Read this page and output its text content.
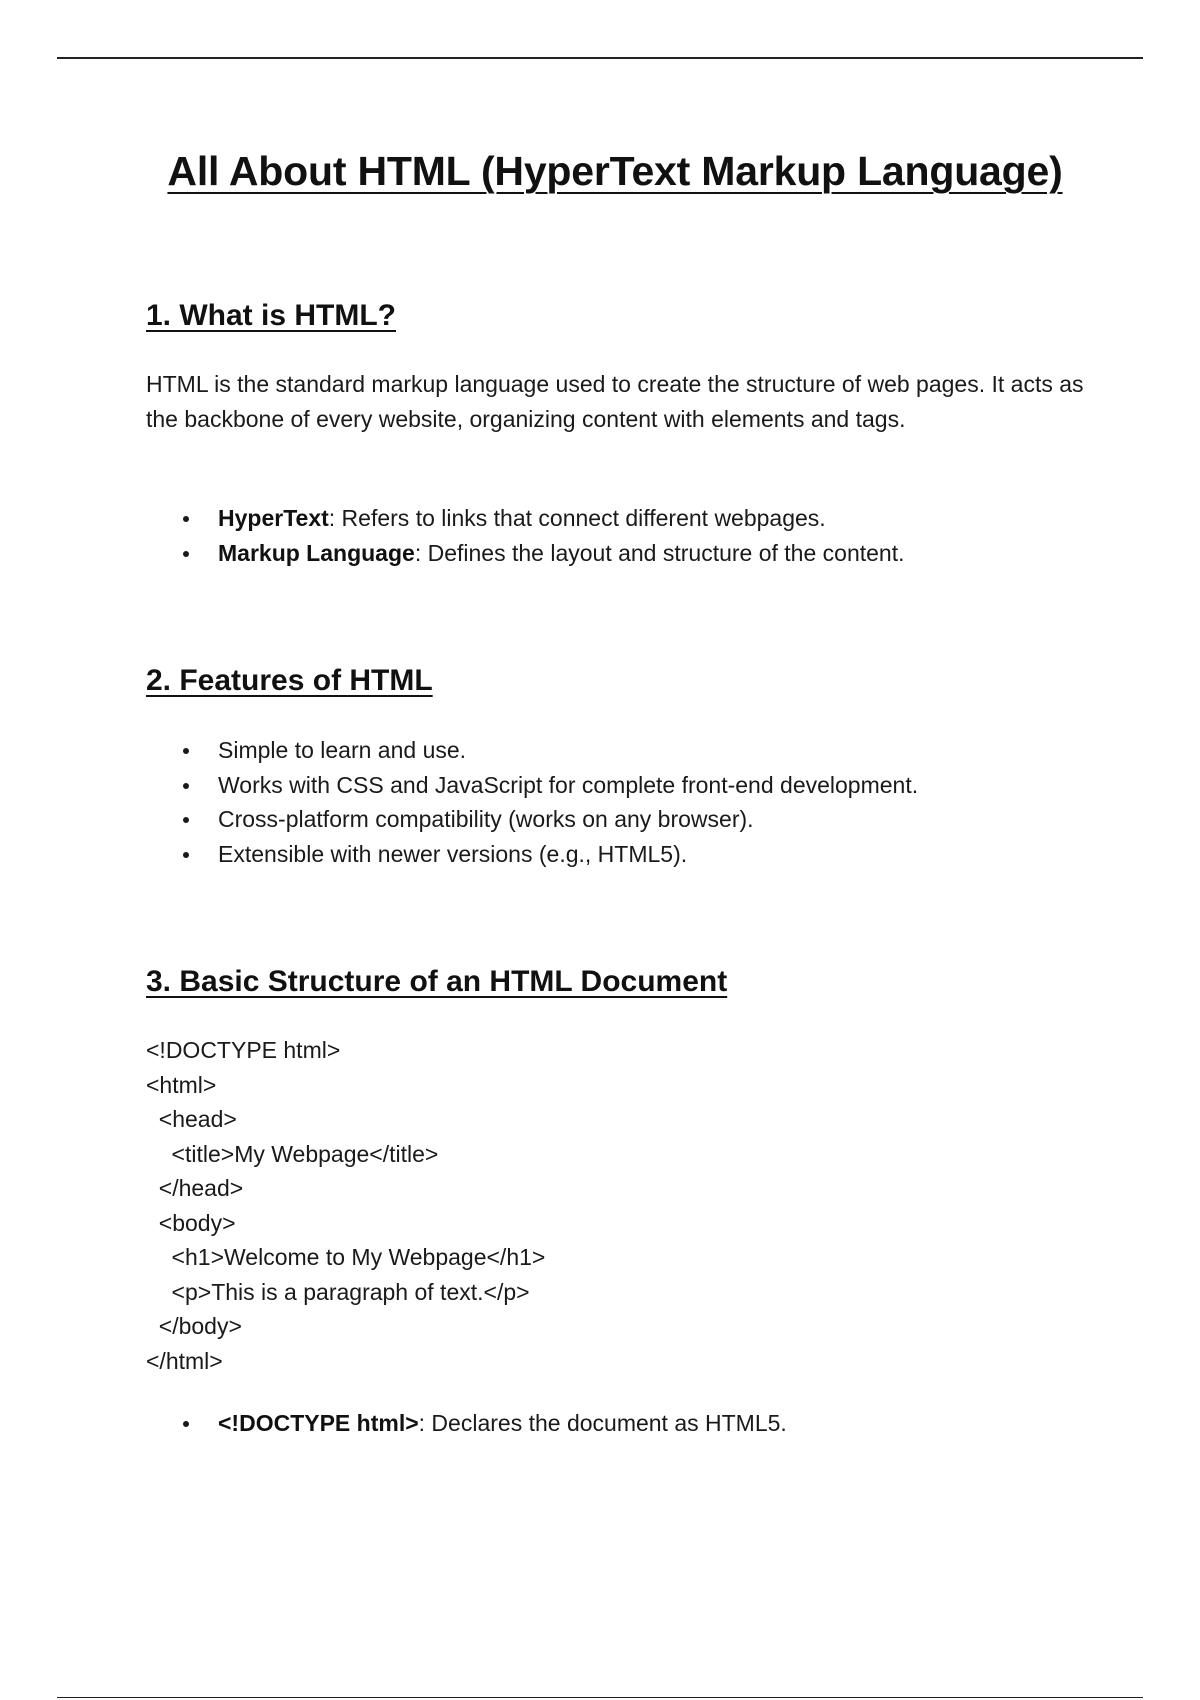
All About HTML (HyperText Markup Language)
1. What is HTML?

HTML is the standard markup language used to create the structure of web pages. It acts as the backbone of every website, organizing content with elements and tags.

HyperText: Refers to links that connect different webpages.
Markup Language: Defines the layout and structure of the content.
2. Features of HTML
Simple to learn and use.
Works with CSS and JavaScript for complete front-end development.
Cross-platform compatibility (works on any browser).
Extensible with newer versions (e.g., HTML5).
3. Basic Structure of an HTML Document
<!DOCTYPE html>
<html>
<head>
<title>My Webpage</title>
</head>
<body>
<h1>Welcome to My Webpage</h1>
<p>This is a paragraph of text.</p>
</body>
</html>
<!DOCTYPE html>: Declares the document as HTML5.
